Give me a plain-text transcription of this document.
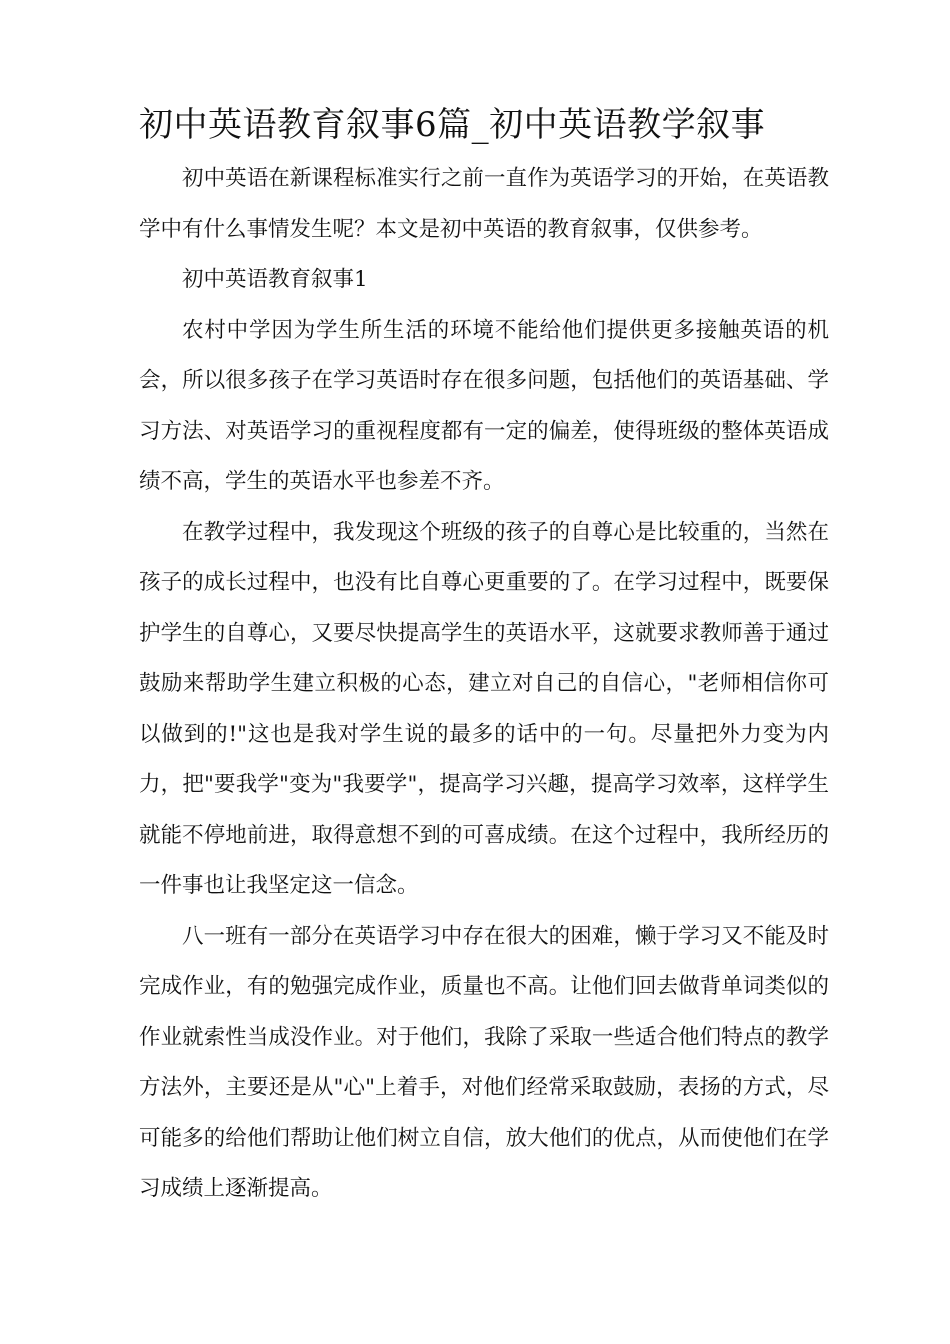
初中英语教育叙事6篇_初中英语教学叙事

初中英语在新课程标准实行之前一直作为英语学习的开始，在英语教学中有什么事情发生呢？本文是初中英语的教育叙事，仅供参考。

初中英语教育叙事1

农村中学因为学生所生活的环境不能给他们提供更多接触英语的机会，所以很多孩子在学习英语时存在很多问题，包括他们的英语基础、学习方法、对英语学习的重视程度都有一定的偏差，使得班级的整体英语成绩不高，学生的英语水平也参差不齐。

在教学过程中，我发现这个班级的孩子的自尊心是比较重的，当然在孩子的成长过程中，也没有比自尊心更重要的了。在学习过程中，既要保护学生的自尊心，又要尽快提高学生的英语水平，这就要求教师善于通过鼓励来帮助学生建立积极的心态，建立对自己的自信心，"老师相信你可以做到的!"这也是我对学生说的最多的话中的一句。尽量把外力变为内力，把"要我学"变为"我要学"，提高学习兴趣，提高学习效率，这样学生就能不停地前进，取得意想不到的可喜成绩。在这个过程中，我所经历的一件事也让我坚定这一信念。

八一班有一部分在英语学习中存在很大的困难，懒于学习又不能及时完成作业，有的勉强完成作业，质量也不高。让他们回去做背单词类似的作业就索性当成没作业。对于他们，我除了采取一些适合他们特点的教学方法外，主要还是从"心"上着手，对他们经常采取鼓励，表扬的方式，尽可能多的给他们帮助让他们树立自信，放大他们的优点，从而使他们在学习成绩上逐渐提高。
